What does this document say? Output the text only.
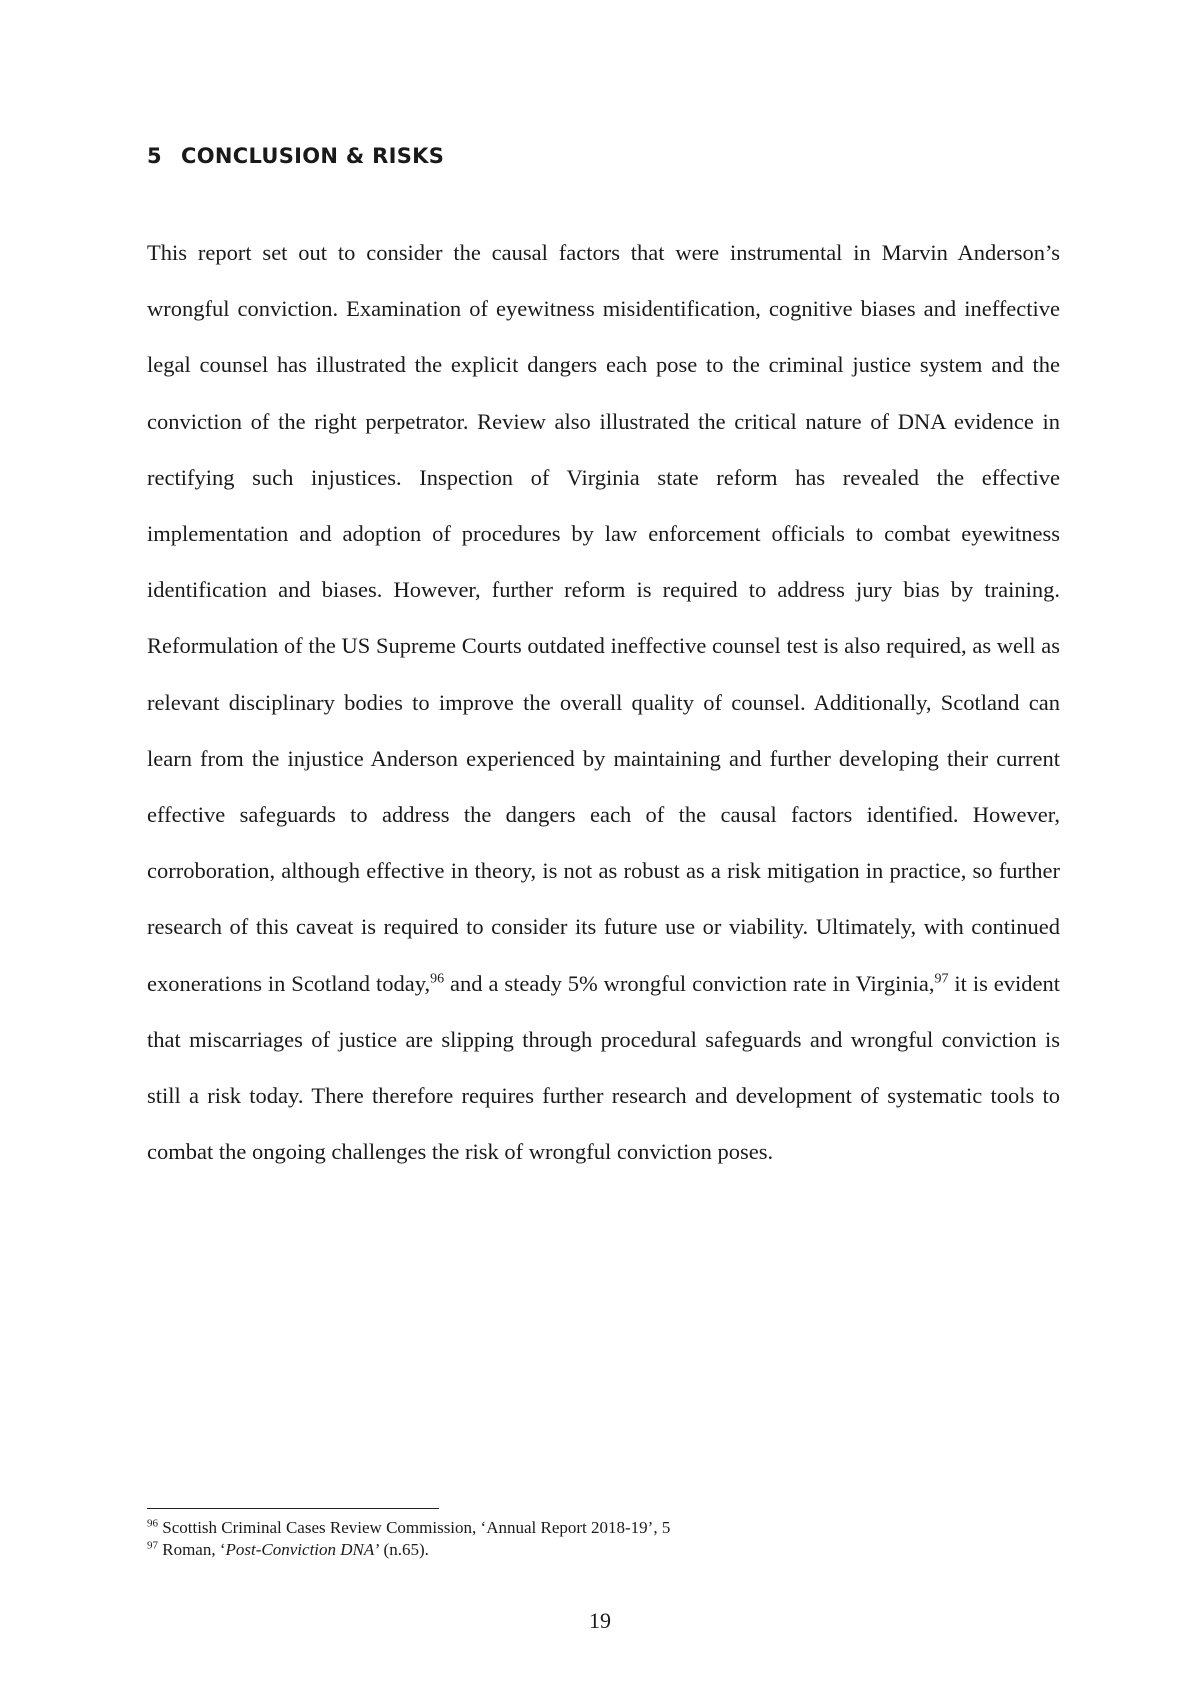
5 CONCLUSION & RISKS

This report set out to consider the causal factors that were instrumental in Marvin Anderson’s wrongful conviction. Examination of eyewitness misidentification, cognitive biases and ineffective legal counsel has illustrated the explicit dangers each pose to the criminal justice system and the conviction of the right perpetrator. Review also illustrated the critical nature of DNA evidence in rectifying such injustices. Inspection of Virginia state reform has revealed the effective implementation and adoption of procedures by law enforcement officials to combat eyewitness identification and biases. However, further reform is required to address jury bias by training. Reformulation of the US Supreme Courts outdated ineffective counsel test is also required, as well as relevant disciplinary bodies to improve the overall quality of counsel. Additionally, Scotland can learn from the injustice Anderson experienced by maintaining and further developing their current effective safeguards to address the dangers each of the causal factors identified. However, corroboration, although effective in theory, is not as robust as a risk mitigation in practice, so further research of this caveat is required to consider its future use or viability. Ultimately, with continued exonerations in Scotland today,$^{96}$ and a steady 5% wrongful conviction rate in Virginia,$^{97}$ it is evident that miscarriages of justice are slipping through procedural safeguards and wrongful conviction is still a risk today. There therefore requires further research and development of systematic tools to combat the ongoing challenges the risk of wrongful conviction poses.

$^{96}$ Scottish Criminal Cases Review Commission, ‘Annual Report 2018-19’, 5
$^{97}$ Roman, ‘Post-Conviction DNA’ (n.65).
19
